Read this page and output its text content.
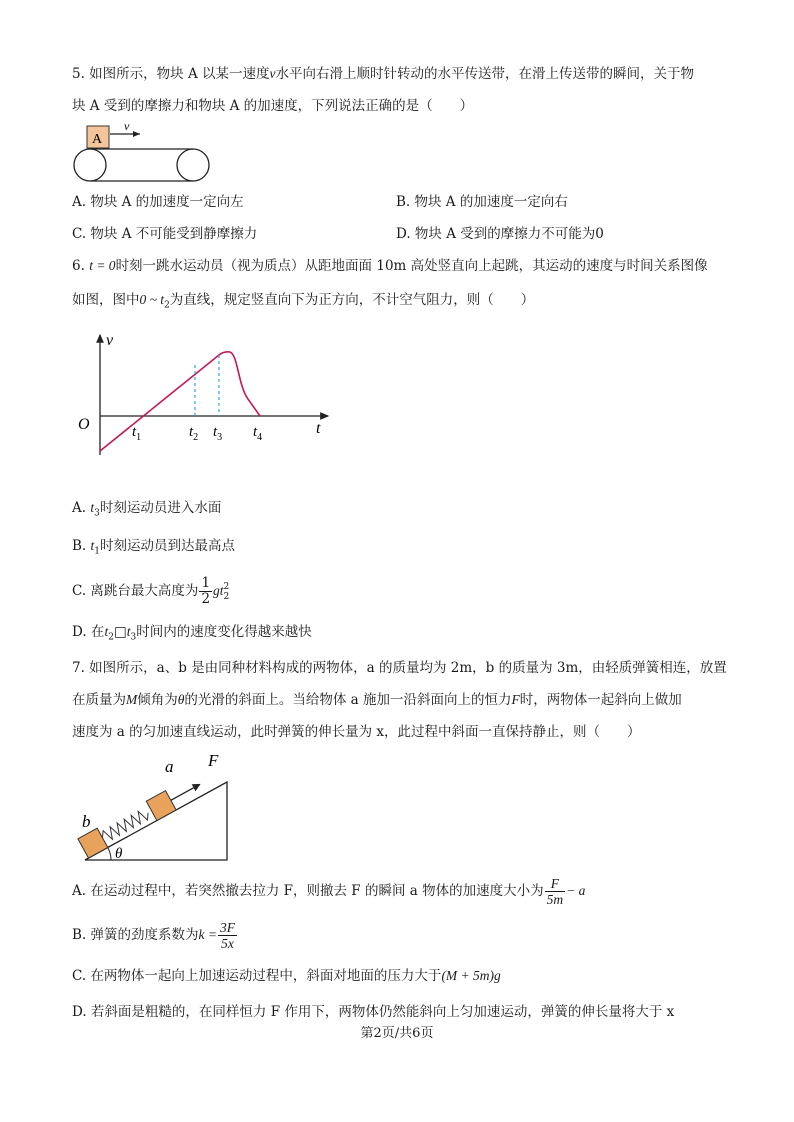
5. 如图所示，物块 A 以某一速度v水平向右滑上顺时针转动的水平传送带，在滑上传送带的瞬间，关于物
块 A 受到的摩擦力和物块 A 的加速度，下列说法正确的是（　　）
A
v
A. 物块 A 的加速度一定向左	B. 物块 A 的加速度一定向右
C. 物块 A 不可能受到静摩擦力	D. 物块 A 受到的摩擦力不可能为0
6. t = 0时刻一跳水运动员（视为质点）从距地面面 10m 高处竖直向上起跳，其运动的速度与时间关系图像
如图，图中0 ~ $t_2$为直线，规定竖直向下为正方向，不计空气阻力，则（　　）
v
t
O	$t_1$	$t_2$ $t_3$ $t_4$
A. $t_3$时刻运动员进入水面
B. $t_1$时刻运动员到达最高点
C. 离跳台最大高度为 $\frac{1}{2}$ gt 2
2
D. 在$t_2□t_3$时间内的速度变化得越来越快
7. 如图所示，a、b 是由同种材料构成的两物体，a 的质量均为 2m，b 的质量为 3m，由轻质弹簧相连，放置
在质量为M倾角为θ的光滑的斜面上。当给物体 a 施加一沿斜面向上的恒力F时，两物体一起斜向上做加
速度为 a 的匀加速直线运动，此时弹簧的伸长量为 x，此过程中斜面一直保持静止，则（　　）
a F
b
θ
A. 在运动过程中，若突然撤去拉力 F，则撤去 F 的瞬间 a 物体的加速度大小为 $\frac{F}{5m} - a$
B. 弹簧的劲度系数为$k = \frac{3F}{5x}$
C. 在两物体一起向上加速运动过程中，斜面对地面的压力大于(M + 5m)g
D. 若斜面是粗糙的，在同样恒力 F 作用下，两物体仍然能斜向上匀加速运动，弹簧的伸长量将大于 x
第2页/共6页
